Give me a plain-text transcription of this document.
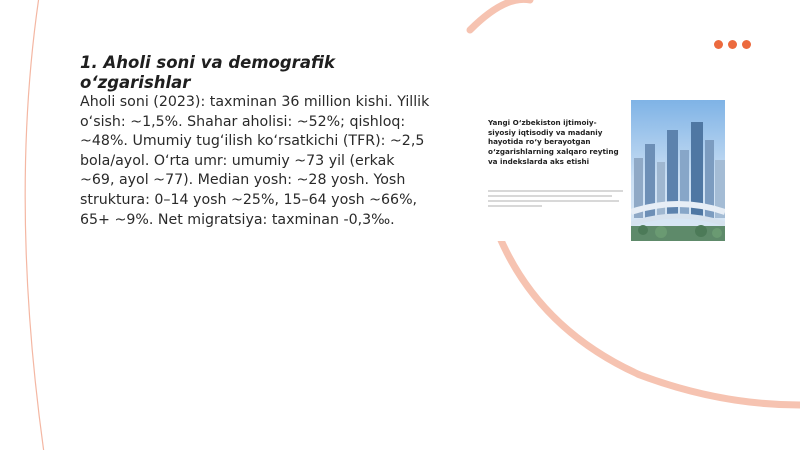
1. Aholi soni va demografik o‘zgarishlar

Aholi soni (2023): taxminan 36 million kishi. Yillik o‘sish: ~1,5%. Shahar aholisi: ~52%; qishloq: ~48%. Umumiy tug‘ilish ko‘rsatkichi (TFR): ~2,5 bola/ayol. O‘rta umr: umumiy ~73 yil (erkak ~69, ayol ~77). Median yosh: ~28 yosh. Yosh struktura: 0–14 yosh ~25%, 15–64 yosh ~66%, 65+ ~9%. Net migratsiya: taxminan -0,3‰.

Yangi O‘zbekiston ijtimoiy-siyosiy iqtisodiy va madaniy hayotida ro‘y berayotgan o‘zgarishlarning xalqaro reyting va indekslarda aks etishi
